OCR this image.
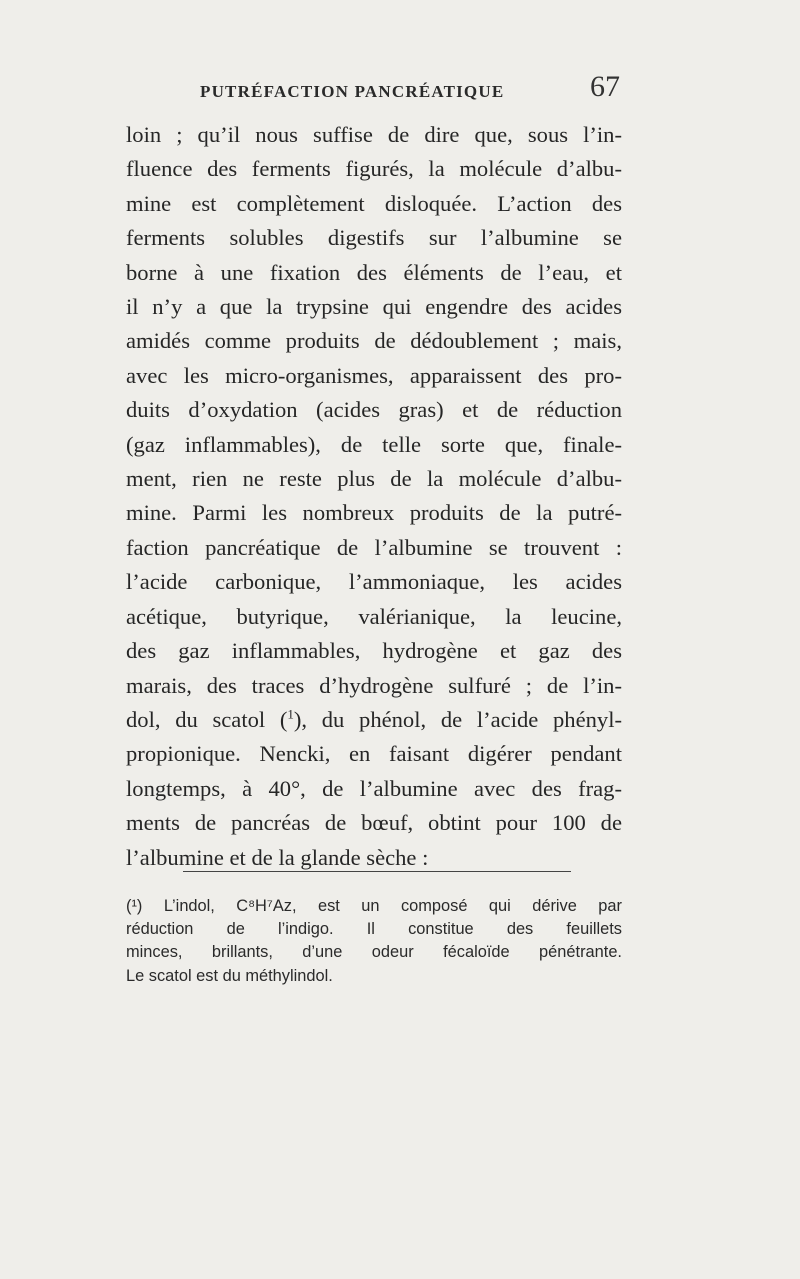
PUTRÉFACTION PANCRÉATIQUE	67
loin ; qu’il nous suffise de dire que, sous l’in-
fluence des ferments figurés, la molécule d’albu-
mine est complètement disloquée. L’action des
ferments solubles digestifs sur l’albumine se
borne à une fixation des éléments de l’eau, et
il n’y a que la trypsine qui engendre des acides
amidés comme produits de dédoublement ; mais,
avec les micro-organismes, apparaissent des pro-
duits d’oxydation (acides gras) et de réduction
(gaz inflammables), de telle sorte que, finale-
ment, rien ne reste plus de la molécule d’albu-
mine. Parmi les nombreux produits de la putré-
faction pancréatique de l’albumine se trouvent :
l’acide carbonique, l’ammoniaque, les acides
acétique, butyrique, valérianique, la leucine,
des gaz inflammables, hydrogène et gaz des
marais, des traces d’hydrogène sulfuré ; de l’in-
dol, du scatol ($^1$), du phénol, de l’acide phényl-
propionique. Nencki, en faisant digérer pendant
longtemps, à 40°, de l’albumine avec des frag-
ments de pancréas de bœuf, obtint pour 100 de
l’albumine et de la glande sèche :
(¹) L’indol, C⁸H⁷Az, est un composé qui dérive par
réduction de l’indigo. Il constitue des feuillets
minces, brillants, d’une odeur fécaloïde pénétrante.
Le scatol est du méthylindol.
